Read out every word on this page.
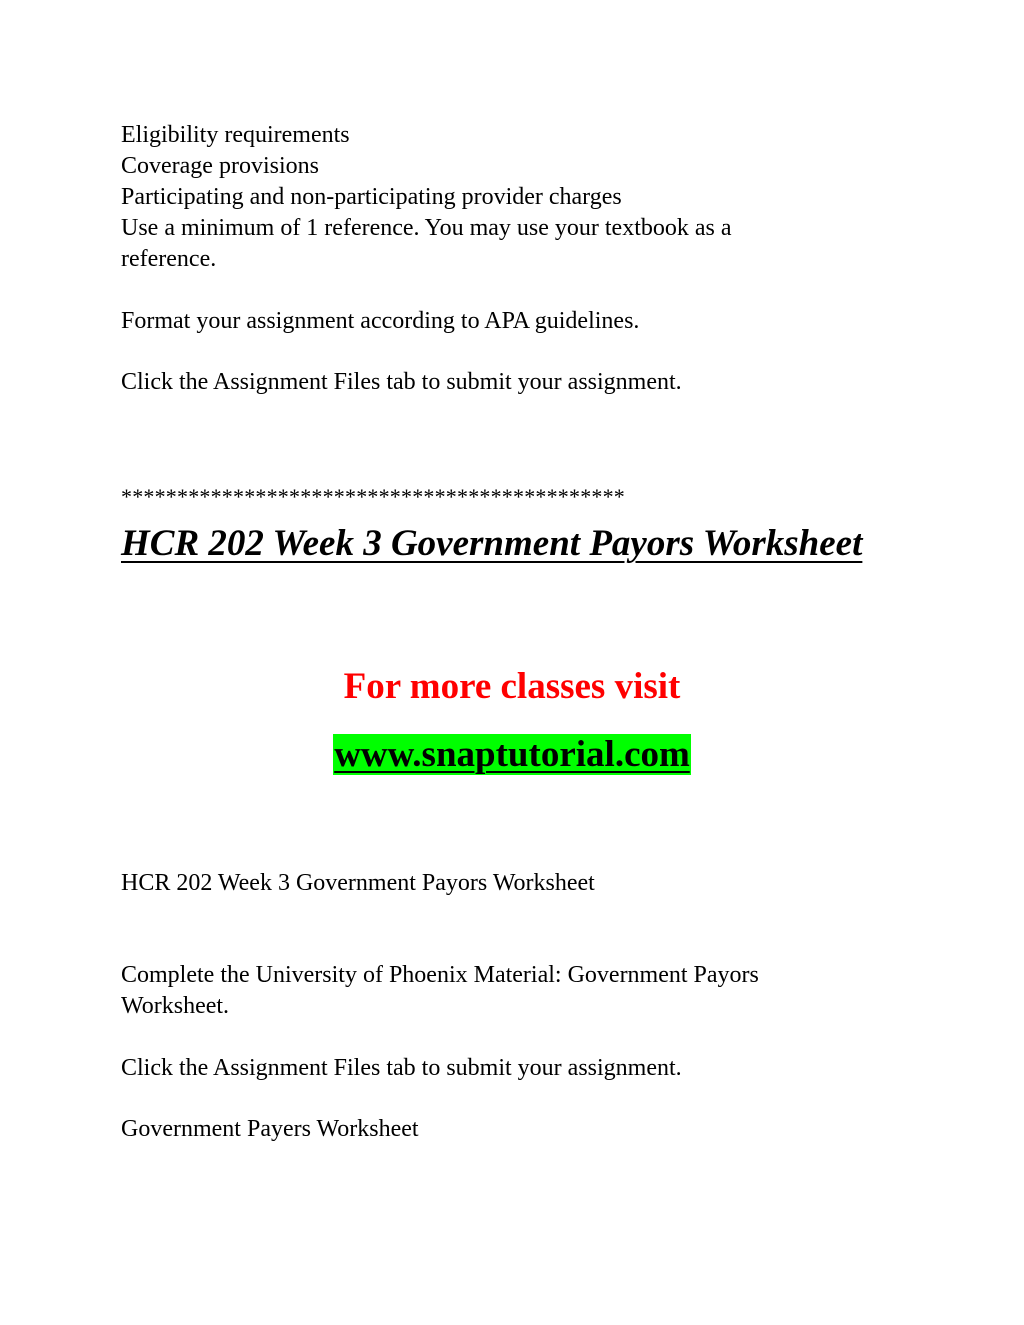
Eligibility requirements
Coverage provisions
Participating and non-participating provider charges
Use a minimum of 1 reference. You may use your textbook as a
reference.
Format your assignment according to APA guidelines.
Click the Assignment Files tab to submit your assignment.
*********************************************
HCR 202 Week 3 Government Payors Worksheet
For more classes visit
www.snaptutorial.com
HCR 202 Week 3 Government Payors Worksheet
Complete the University of Phoenix Material: Government Payors
Worksheet.
Click the Assignment Files tab to submit your assignment.
Government Payers Worksheet
